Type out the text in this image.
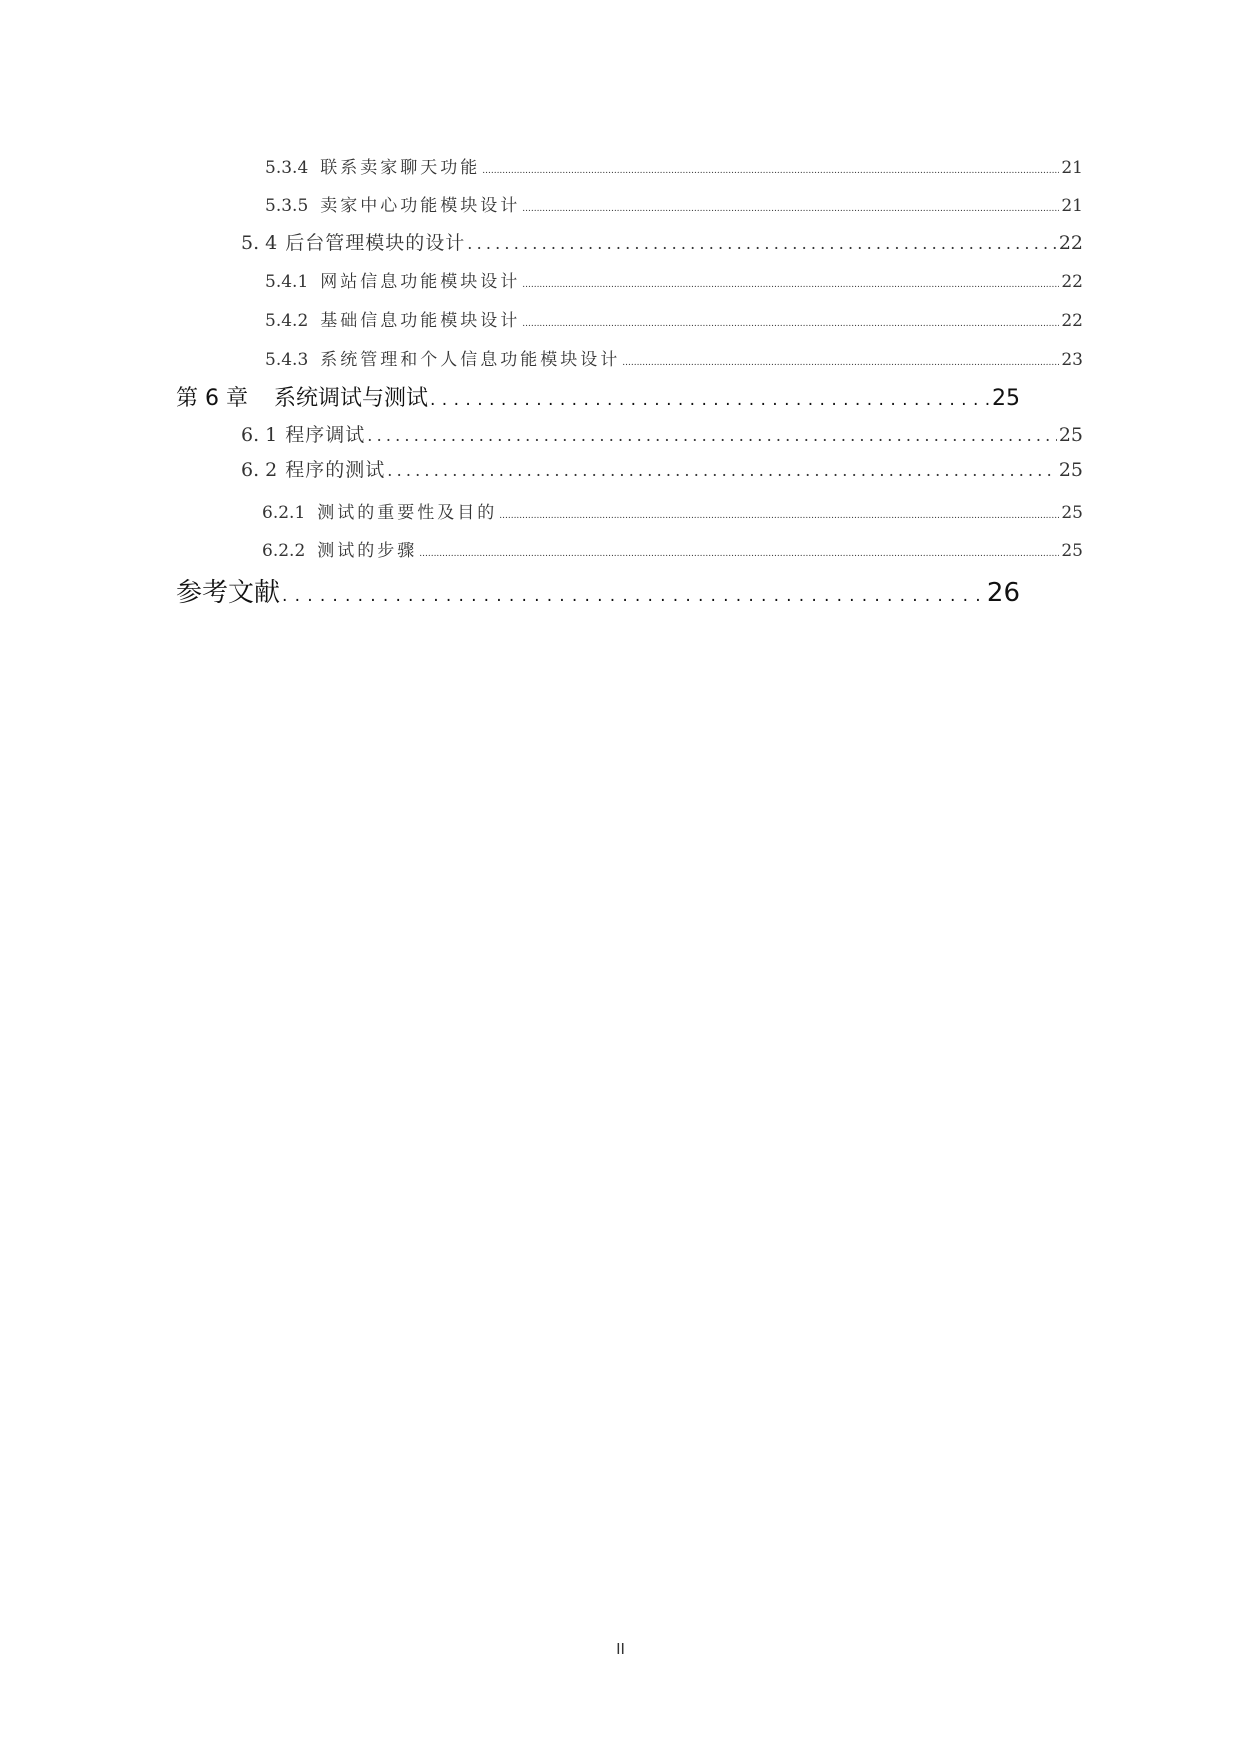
5.3.4 联系卖家聊天功能 .....	21
5.3.5 卖家中心功能模块设计 .....	21
5. 4 后台管理模块的设计 .....	22
5.4.1 网站信息功能模块设计 .....	22
5.4.2 基础信息功能模块设计 .....	22
5.4.3 系统管理和个人信息功能模块设计 .....	23
第 6 章 系统调试与测试 .....	25
6. 1 程序调试 .....	25
6. 2 程序的测试 .....	25
6.2.1 测试的重要性及目的 .....	25
6.2.2 测试的步骤 .....	25
参考文献 .....	26
II
